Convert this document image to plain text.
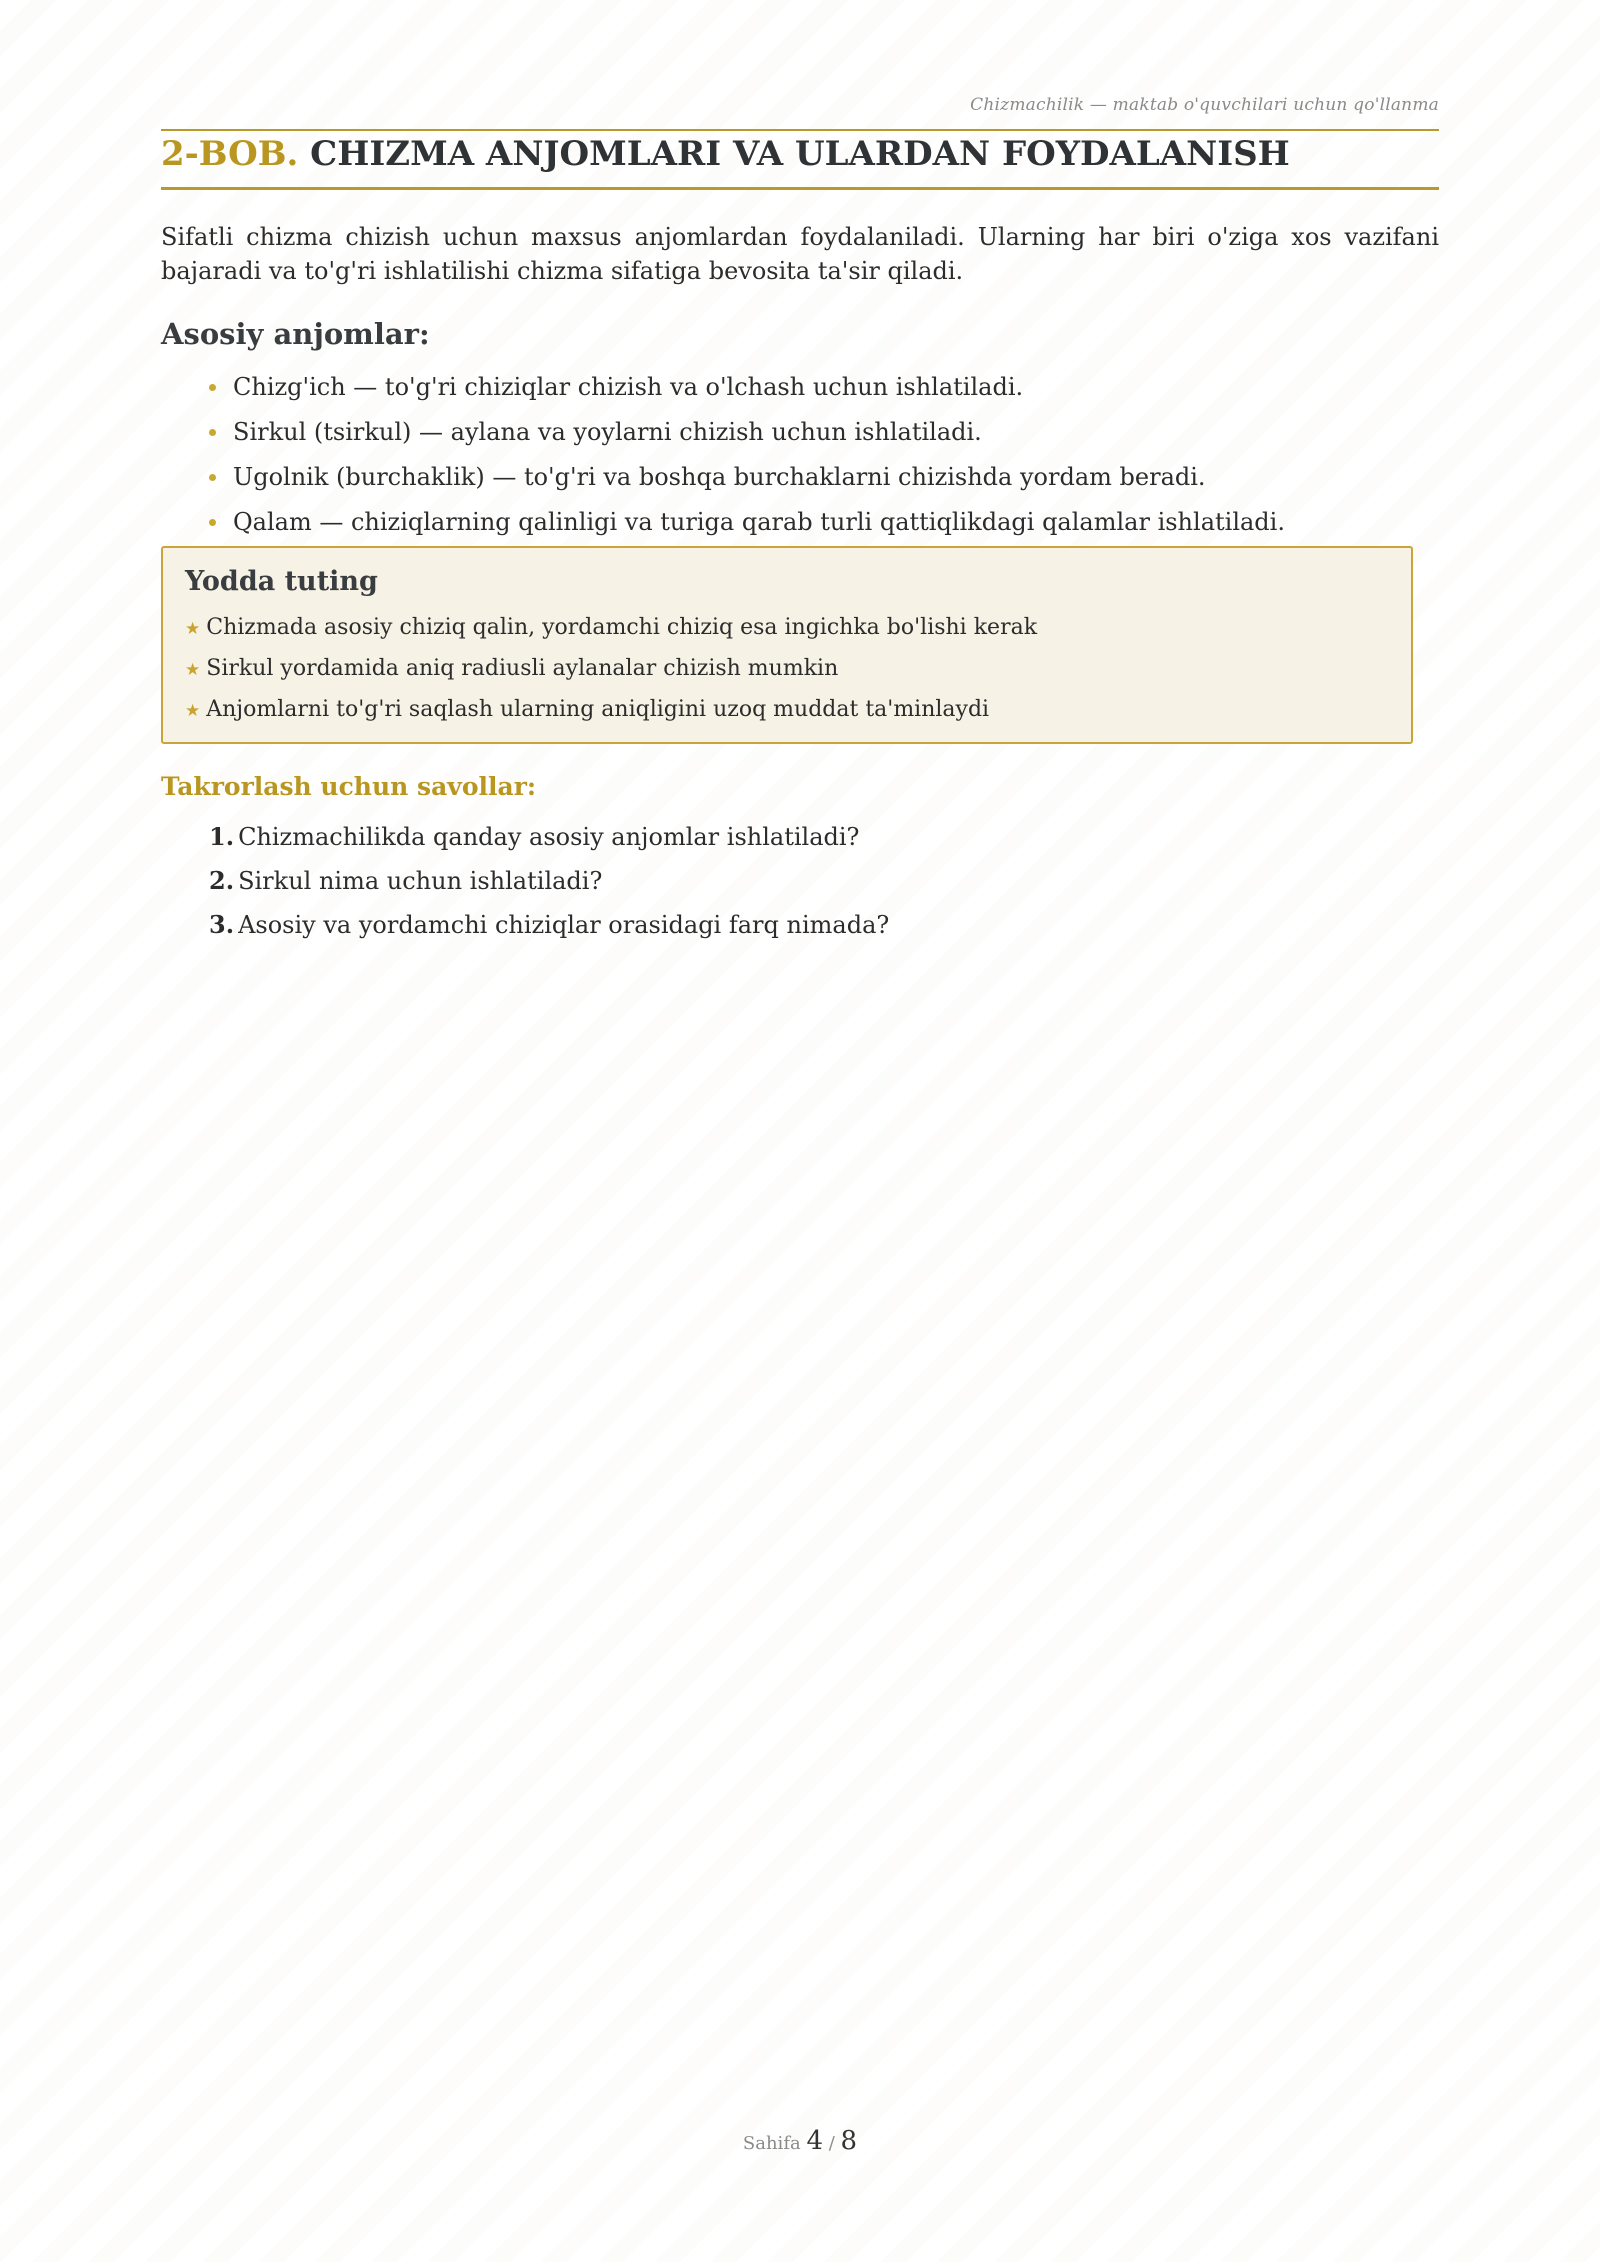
Chizmachilik — maktab o'quvchilari uchun qo'llanma
2-BOB. CHIZMA ANJOMLARI VA ULARDAN FOYDALANISH

Sifatli chizma chizish uchun maxsus anjomlardan foydalaniladi. Ularning har biri o'ziga xos vazifani bajaradi va to'g'ri ishlatilishi chizma sifatiga bevosita ta'sir qiladi.

Asosiy anjomlar:
Chizg'ich — to'g'ri chiziqlar chizish va o'lchash uchun ishlatiladi.
Sirkul (tsirkul) — aylana va yoylarni chizish uchun ishlatiladi.
Ugolnik (burchaklik) — to'g'ri va boshqa burchaklarni chizishda yordam beradi.
Qalam — chiziqlarning qalinligi va turiga qarab turli qattiqlikdagi qalamlar ishlatiladi.
Yodda tuting
★ Chizmada asosiy chiziq qalin, yordamchi chiziq esa ingichka bo'lishi kerak
★ Sirkul yordamida aniq radiusli aylanalar chizish mumkin
★ Anjomlarni to'g'ri saqlash ularning aniqligini uzoq muddat ta'minlaydi
Takrorlash uchun savollar:
1. Chizmachilikda qanday asosiy anjomlar ishlatiladi?
2. Sirkul nima uchun ishlatiladi?
3. Asosiy va yordamchi chiziqlar orasidagi farq nimada?
Sahifa 4 / 8
